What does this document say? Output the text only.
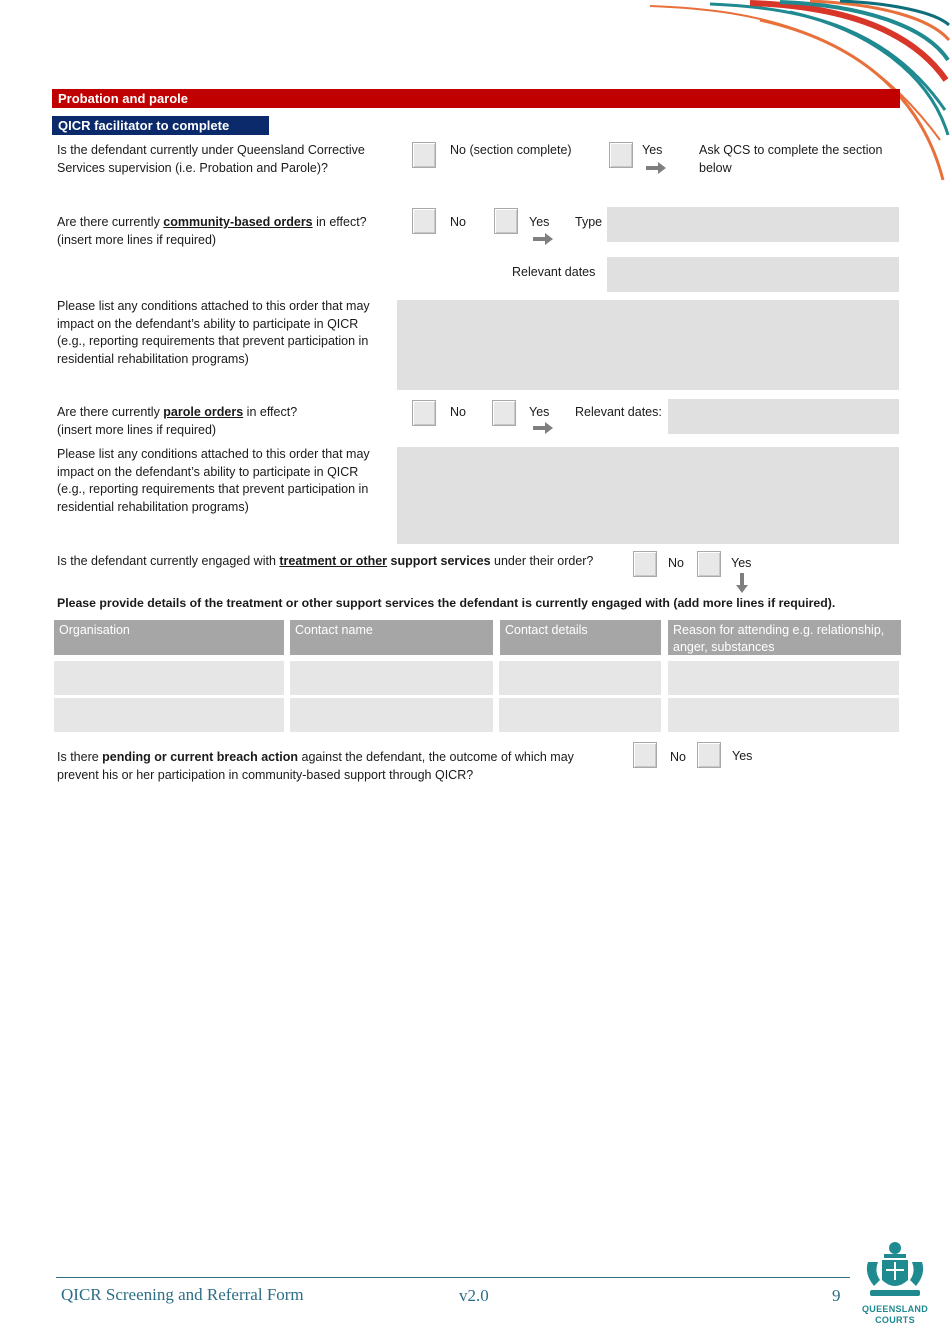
Probation and parole
QICR facilitator to complete
Is the defendant currently under Queensland Corrective Services supervision (i.e. Probation and Parole)?
No (section complete)	Yes	Ask QCS to complete the section below
Are there currently community-based orders in effect?
(insert more lines if required)
No	Yes Type
Relevant dates
Please list any conditions attached to this order that may impact on the defendant’s ability to participate in QICR (e.g., reporting requirements that prevent participation in residential rehabilitation programs)
Are there currently parole orders in effect?
(insert more lines if required)
No	Yes Relevant dates:
Please list any conditions attached to this order that may impact on the defendant’s ability to participate in QICR (e.g., reporting requirements that prevent participation in residential rehabilitation programs)
Is the defendant currently engaged with treatment or other support services under their order?	No	Yes
Please provide details of the treatment or other support services the defendant is currently engaged with (add more lines if required).
Organisation	Contact name	Contact details	Reason for attending e.g. relationship, anger, substances
Is there pending or current breach action against the defendant, the outcome of which may
prevent his or her participation in community-based support through QICR?
No	Yes
QICR Screening and Referral Form	v2.0	9
QUEENSLAND
COURTS
